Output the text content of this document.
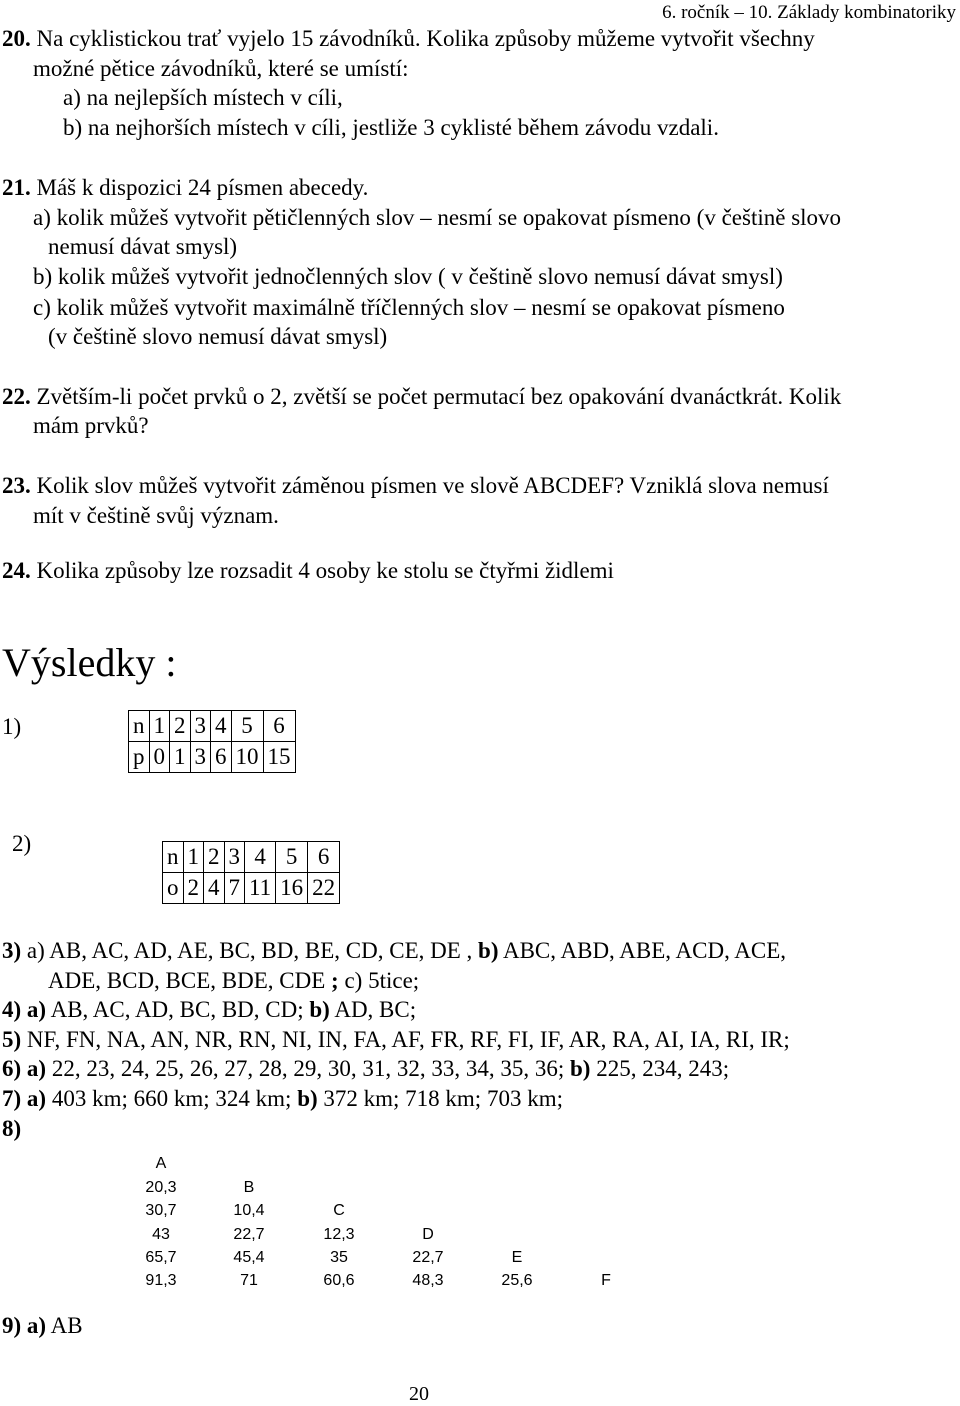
6. ročník – 10. Základy kombinatoriky
20. Na cyklistickou trať vyjelo 15 závodníků. Kolika způsoby můžeme vytvořit všechny
možné pětice závodníků, které se umístí:
a) na nejlepších místech v cíli,
b) na nejhorších místech v cíli, jestliže 3 cyklisté během závodu vzdali.
21. Máš k dispozici 24 písmen abecedy.
a) kolik můžeš vytvořit pětičlenných slov – nesmí se opakovat písmeno (v češtině slovo
nemusí dávat smysl)
b) kolik můžeš vytvořit jednočlenných slov ( v češtině slovo nemusí dávat smysl)
c) kolik můžeš vytvořit maximálně tříčlenných slov – nesmí se opakovat písmeno
(v češtině slovo nemusí dávat smysl)
22. Zvětším-li počet prvků o 2, zvětší se počet permutací bez opakování dvanáctkrát. Kolik
mám prvků?
23. Kolik slov můžeš vytvořit záměnou písmen ve slově ABCDEF? Vzniklá slova nemusí
mít v češtině svůj význam.
24. Kolika způsoby lze rozsadit 4 osoby ke stolu se čtyřmi židlemi
Výsledky :
1)	n	1	2	3	4	5	6
p	0	1	3	6	10	15
2)
n	1	2	3	4	5	6
o	2	4	7	11	16	22
3) a) AB, AC, AD, AE, BC, BD, BE, CD, CE, DE , b) ABC, ABD, ABE, ACD, ACE,
ADE, BCD, BCE, BDE, CDE ; c) 5tice;
4) a) AB, AC, AD, BC, BD, CD; b) AD, BC;
5) NF, FN, NA, AN, NR, RN, NI, IN, FA, AF, FR, RF, FI, IF, AR, RA, AI, IA, RI, IR;
6) a) 22, 23, 24, 25, 26, 27, 28, 29, 30, 31, 32, 33, 34, 35, 36; b) 225, 234, 243;
7) a) 403 km; 660 km; 324 km; b) 372 km; 718 km; 703 km;
8)
A
20,3	B
30,7	10,4	C
43	22,7	12,3	D
65,7	45,4	35	22,7	E
91,3	71	60,6	48,3	25,6	F
9) a) AB
20
